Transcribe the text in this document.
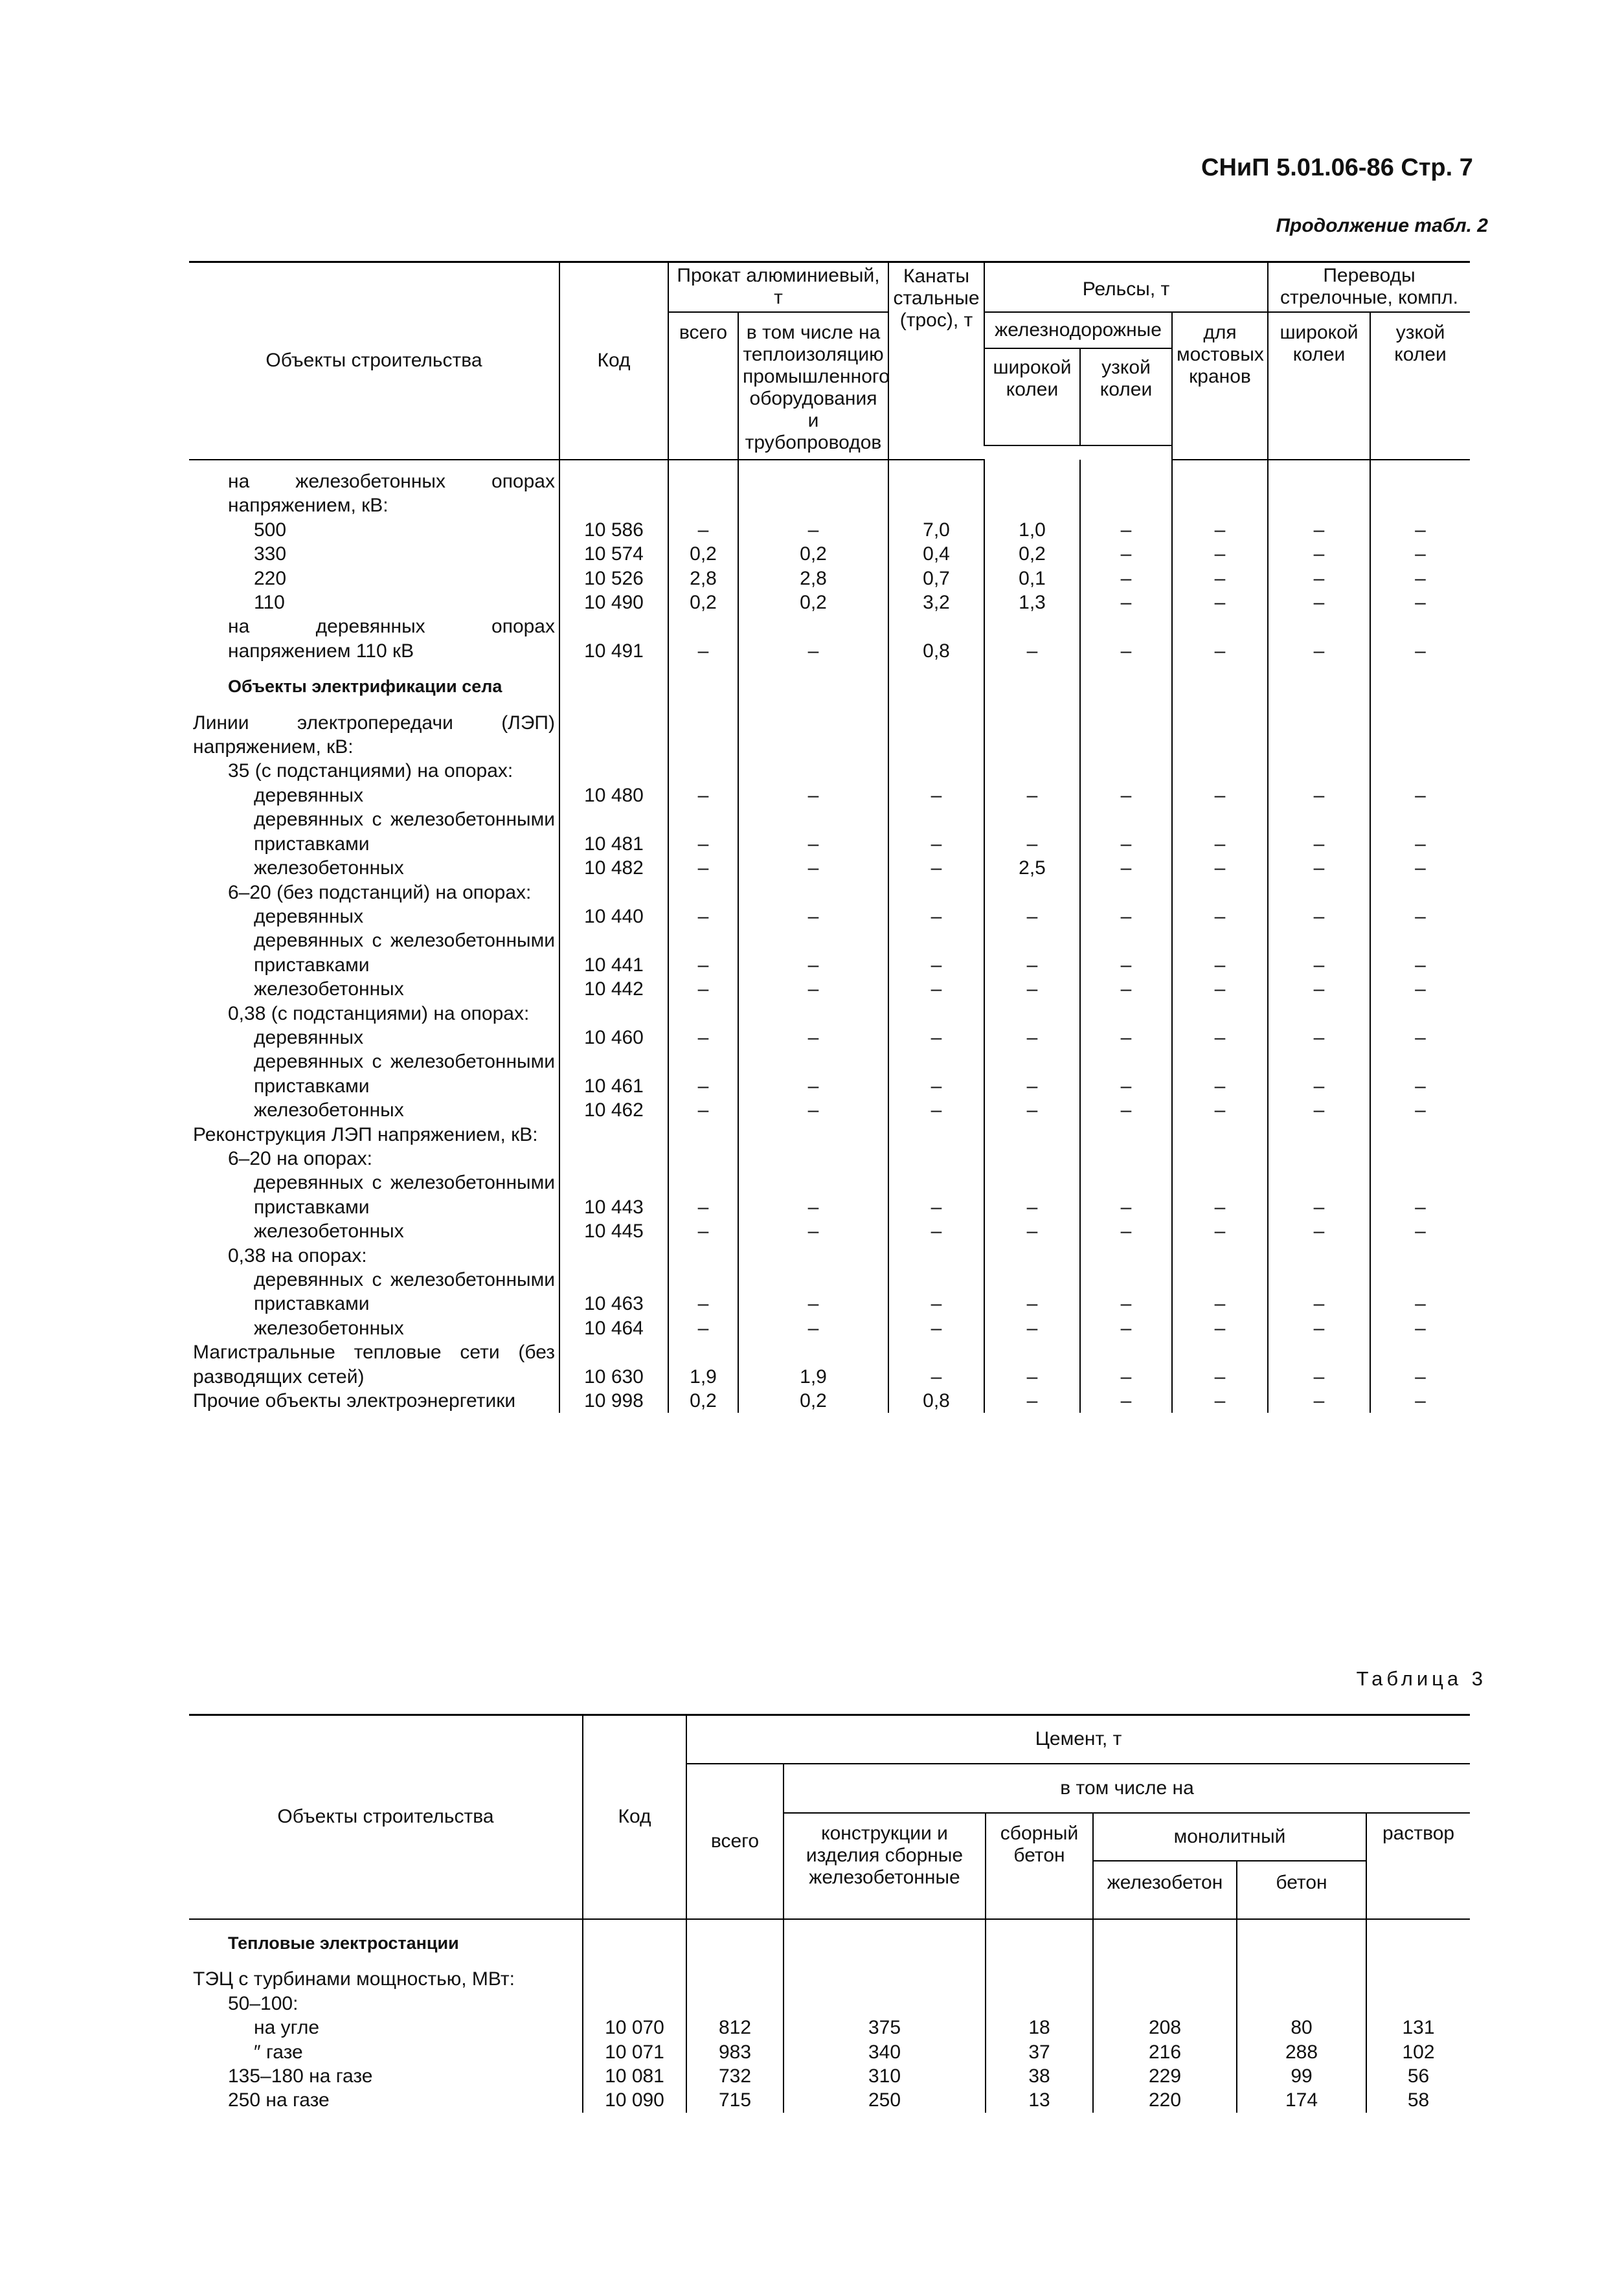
СНиП 5.01.06-86 Стр. 7
Продолжение табл. 2
Объекты строительства	Код	Прокат алюминиевый, т		Канаты стальные (трос), т	Рельсы, т			Переводы стрелочные, компл.	
		всего	в том числе на теплоизоляцию промышленного оборудования и трубопроводов		железнодорожные		для мостовых кранов	широкой колеи	узкой колеи
					широкой колеи	узкой колеи			

на железобетонных опорах напряжением, кВ:									
500	10 586	–	–	7,0	1,0	–	–	–	–
330	10 574	0,2	0,2	0,4	0,2	–	–	–	–
220	10 526	2,8	2,8	0,7	0,1	–	–	–	–
110	10 490	0,2	0,2	3,2	1,3	–	–	–	–
на деревянных опорах напряжением 110 кВ	10 491	–	–	0,8	–	–	–	–	–
Объекты электрификации села									
Линии электропередачи (ЛЭП) напряжением, кВ:									
35 (с подстанциями) на опорах:									
деревянных	10 480	–	–	–	–	–	–	–	–
деревянных с железобетонными приставками	10 481	–	–	–	–	–	–	–	–
железобетонных	10 482	–	–	–	2,5	–	–	–	–
6–20 (без подстанций) на опорах:									
деревянных	10 440	–	–	–	–	–	–	–	–
деревянных с железобетонными приставками	10 441	–	–	–	–	–	–	–	–
железобетонных	10 442	–	–	–	–	–	–	–	–
0,38 (с подстанциями) на опорах:									
деревянных	10 460	–	–	–	–	–	–	–	–
деревянных с железобетонными приставками	10 461	–	–	–	–	–	–	–	–
железобетонных	10 462	–	–	–	–	–	–	–	–
Реконструкция ЛЭП напряжением, кВ:									
6–20 на опорах:									
деревянных с железобетонными приставками	10 443	–	–	–	–	–	–	–	–
железобетонных	10 445	–	–	–	–	–	–	–	–
0,38 на опорах:									
деревянных с железобетонными приставками	10 463	–	–	–	–	–	–	–	–
железобетонных	10 464	–	–	–	–	–	–	–	–
Магистральные тепловые сети (без разводящих сетей)	10 630	1,9	1,9	–	–	–	–	–	–
Прочие объекты электроэнергетики	10 998	0,2	0,2	0,8	–	–	–	–	–
Таблица 3
Объекты строительства	Код	Цемент, т					
		всего	в том числе на				
			конструкции и изделия сборные железобетонные	сборный бетон	монолитный		раствор
					железобетон	бетон	
Тепловые электростанции							
ТЭЦ с турбинами мощностью, МВт:							
50–100:							
на угле	10 070	812	375	18	208	80	131
″ газе	10 071	983	340	37	216	288	102
135–180 на газе	10 081	732	310	38	229	99	56
250 на газе	10 090	715	250	13	220	174	58
